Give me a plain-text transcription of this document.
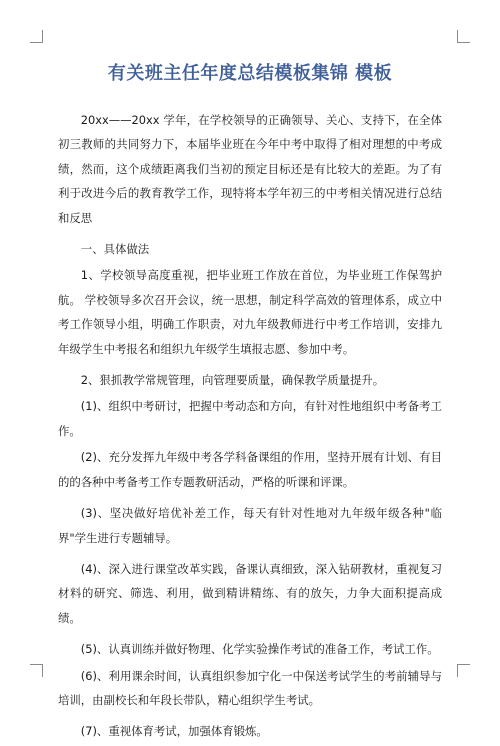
有关班主任年度总结模板集锦 模板

20xx——20xx 学年，在学校领导的正确领导、关心、支持下，在全体初三教师的共同努力下，本届毕业班在今年中考中取得了相对理想的中考成绩，然而，这个成绩距离我们当初的预定目标还是有比较大的差距。为了有利于改进今后的教育教学工作，现特将本学年初三的中考相关情况进行总结和反思

一、具体做法

1、学校领导高度重视，把毕业班工作放在首位，为毕业班工作保驾护航。 学校领导多次召开会议，统一思想，制定科学高效的管理体系，成立中考工作领导小组，明确工作职责，对九年级教师进行中考工作培训，安排九年级学生中考报名和组织九年级学生填报志愿、参加中考。

2、狠抓教学常规管理，向管理要质量，确保教学质量提升。

(1)、组织中考研讨，把握中考动态和方向，有针对性地组织中考备考工作。

(2)、充分发挥九年级中考各学科备课组的作用，坚持开展有计划、有目的的各种中考备考工作专题教研活动，严格的听课和评课。

(3)、坚决做好培优补差工作，每天有针对性地对九年级年级各种"临界"学生进行专题辅导。

(4)、深入进行课堂改革实践，备课认真细致，深入钻研教材，重视复习材料的研究、筛选、利用，做到精讲精练、有的放矢，力争大面积提高成绩。

(5)、认真训练并做好物理、化学实验操作考试的准备工作，考试工作。

(6)、利用课余时间，认真组织参加宁化一中保送考试学生的考前辅导与培训，由副校长和年段长带队，精心组织学生考试。

(7)、重视体育考试，加强体育锻炼。
